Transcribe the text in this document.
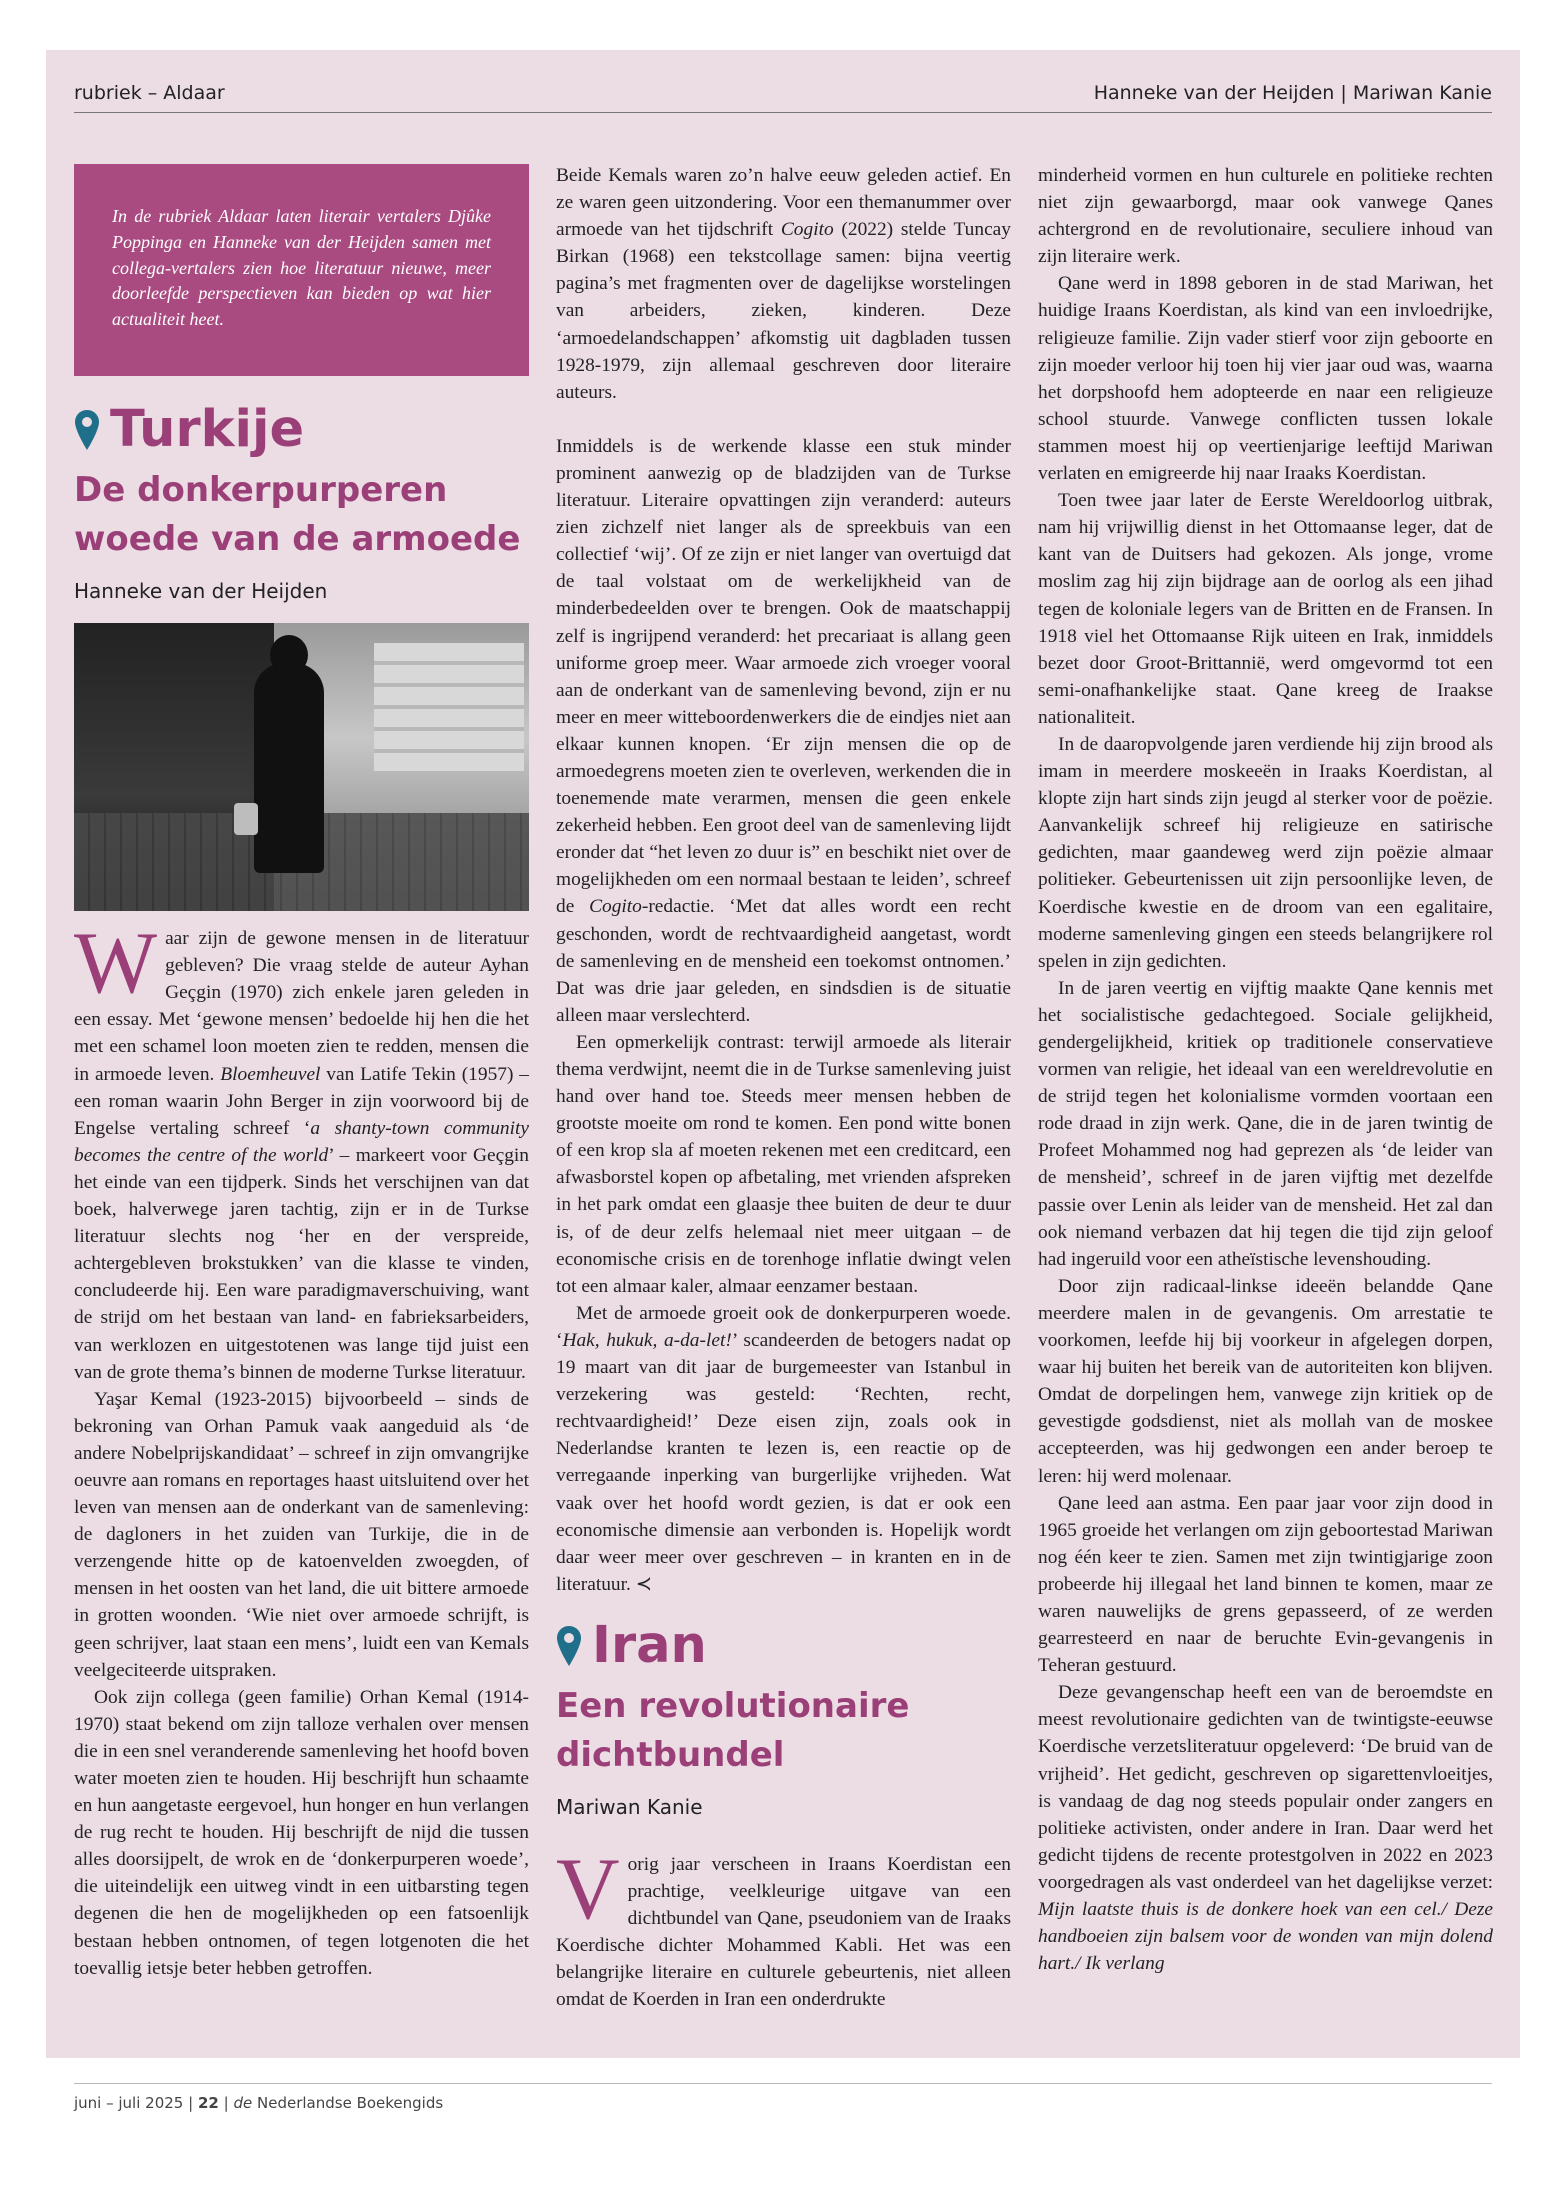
rubriek – Aldaar	Hanneke van der Heijden | Mariwan Kanie
In de rubriek Aldaar laten literair vertalers Djûke Poppinga en Hanneke van der Heijden samen met collega-vertalers zien hoe literatuur nieuwe, meer doorleefde perspectieven kan bieden op wat hier actualiteit heet.
Turkije
De donkerpurperen
woede van de armoede
Hanneke van der Heijden

Waar zijn de gewone mensen in de literatuur gebleven? Die vraag stelde de auteur Ayhan Geçgin (1970) zich enkele jaren geleden in een essay. Met ‘gewone mensen’ bedoelde hij hen die het met een schamel loon moeten zien te redden, mensen die in armoede leven. Bloemheuvel van Latife Tekin (1957) – een roman waarin John Berger in zijn voorwoord bij de Engelse vertaling schreef ‘a shanty-town community becomes the centre of the world’ – markeert voor Geçgin het einde van een tijdperk. Sinds het verschijnen van dat boek, halverwege jaren tachtig, zijn er in de Turkse literatuur slechts nog ‘her en der verspreide, achtergebleven brokstukken’ van die klasse te vinden, concludeerde hij. Een ware paradigmaverschuiving, want de strijd om het bestaan van land- en fabrieksarbeiders, van werklozen en uitgestotenen was lange tijd juist een van de grote thema’s binnen de moderne Turkse literatuur.

Yaşar Kemal (1923-2015) bijvoorbeeld – sinds de bekroning van Orhan Pamuk vaak aangeduid als ‘de andere Nobelprijskandidaat’ – schreef in zijn omvangrijke oeuvre aan romans en reportages haast uitsluitend over het leven van mensen aan de onderkant van de samenleving: de dagloners in het zuiden van Turkije, die in de verzengende hitte op de katoenvelden zwoegden, of mensen in het oosten van het land, die uit bittere armoede in grotten woonden. ‘Wie niet over armoede schrijft, is geen schrijver, laat staan een mens’, luidt een van Kemals veelgeciteerde uitspraken.

Ook zijn collega (geen familie) Orhan Kemal (1914-1970) staat bekend om zijn talloze verhalen over mensen die in een snel veranderende samenleving het hoofd boven water moeten zien te houden. Hij beschrijft hun schaamte en hun aangetaste eergevoel, hun honger en hun verlangen de rug recht te houden. Hij beschrijft de nijd die tussen alles doorsijpelt, de wrok en de ‘donkerpurperen woede’, die uiteindelijk een uitweg vindt in een uitbarsting tegen degenen die hen de mogelijkheden op een fatsoenlijk bestaan hebben ontnomen, of tegen lotgenoten die het toevallig ietsje beter hebben getroffen.

Beide Kemals waren zo’n halve eeuw geleden actief. En ze waren geen uitzondering. Voor een themanummer over armoede van het tijdschrift Cogito (2022) stelde Tuncay Birkan (1968) een tekstcollage samen: bijna veertig pagina’s met fragmenten over de dagelijkse worstelingen van arbeiders, zieken, kinderen. Deze ‘armoedelandschappen’ afkomstig uit dagbladen tussen 1928-1979, zijn allemaal geschreven door literaire auteurs.

Inmiddels is de werkende klasse een stuk minder prominent aanwezig op de bladzijden van de Turkse literatuur. Literaire opvattingen zijn veranderd: auteurs zien zichzelf niet langer als de spreekbuis van een collectief ‘wij’. Of ze zijn er niet langer van overtuigd dat de taal volstaat om de werkelijkheid van de minderbedeelden over te brengen. Ook de maatschappij zelf is ingrijpend veranderd: het precariaat is allang geen uniforme groep meer. Waar armoede zich vroeger vooral aan de onderkant van de samenleving bevond, zijn er nu meer en meer witteboordenwerkers die de eindjes niet aan elkaar kunnen knopen. ‘Er zijn mensen die op de armoedegrens moeten zien te overleven, werkenden die in toenemende mate verarmen, mensen die geen enkele zekerheid hebben. Een groot deel van de samenleving lijdt eronder dat “het leven zo duur is” en beschikt niet over de mogelijkheden om een normaal bestaan te leiden’, schreef de Cogito-redactie. ‘Met dat alles wordt een recht geschonden, wordt de rechtvaardigheid aangetast, wordt de samenleving en de mensheid een toekomst ontnomen.’ Dat was drie jaar geleden, en sindsdien is de situatie alleen maar verslechterd.

Een opmerkelijk contrast: terwijl armoede als literair thema verdwijnt, neemt die in de Turkse samenleving juist hand over hand toe. Steeds meer mensen hebben de grootste moeite om rond te komen. Een pond witte bonen of een krop sla af moeten rekenen met een creditcard, een afwasborstel kopen op afbetaling, met vrienden afspreken in het park omdat een glaasje thee buiten de deur te duur is, of de deur zelfs helemaal niet meer uitgaan – de economische crisis en de torenhoge inflatie dwingt velen tot een almaar kaler, almaar eenzamer bestaan.

Met de armoede groeit ook de donkerpurperen woede. ‘Hak, hukuk, a-da-let!’ scandeerden de betogers nadat op 19 maart van dit jaar de burgemeester van Istanbul in verzekering was gesteld: ‘Rechten, recht, rechtvaardigheid!’ Deze eisen zijn, zoals ook in Nederlandse kranten te lezen is, een reactie op de verregaande inperking van burgerlijke vrijheden. Wat vaak over het hoofd wordt gezien, is dat er ook een economische dimensie aan verbonden is. Hopelijk wordt daar weer meer over geschreven – in kranten en in de literatuur. ≺

Iran
Een revolutionaire
dichtbundel
Mariwan Kanie

Vorig jaar verscheen in Iraans Koerdistan een prachtige, veelkleurige uitgave van een dichtbundel van Qane, pseudoniem van de Iraaks Koerdische dichter Mohammed Kabli. Het was een belangrijke literaire en culturele gebeurtenis, niet alleen omdat de Koerden in Iran een onderdrukte

minderheid vormen en hun culturele en politieke rechten niet zijn gewaarborgd, maar ook vanwege Qanes achtergrond en de revolutionaire, seculiere inhoud van zijn literaire werk.

Qane werd in 1898 geboren in de stad Mariwan, het huidige Iraans Koerdistan, als kind van een invloedrijke, religieuze familie. Zijn vader stierf voor zijn geboorte en zijn moeder verloor hij toen hij vier jaar oud was, waarna het dorpshoofd hem adopteerde en naar een religieuze school stuurde. Vanwege conflicten tussen lokale stammen moest hij op veertienjarige leeftijd Mariwan verlaten en emigreerde hij naar Iraaks Koerdistan.

Toen twee jaar later de Eerste Wereldoorlog uitbrak, nam hij vrijwillig dienst in het Ottomaanse leger, dat de kant van de Duitsers had gekozen. Als jonge, vrome moslim zag hij zijn bijdrage aan de oorlog als een jihad tegen de koloniale legers van de Britten en de Fransen. In 1918 viel het Ottomaanse Rijk uiteen en Irak, inmiddels bezet door Groot-Brittannië, werd omgevormd tot een semi-onafhankelijke staat. Qane kreeg de Iraakse nationaliteit.

In de daaropvolgende jaren verdiende hij zijn brood als imam in meerdere moskeeën in Iraaks Koerdistan, al klopte zijn hart sinds zijn jeugd al sterker voor de poëzie. Aanvankelijk schreef hij religieuze en satirische gedichten, maar gaandeweg werd zijn poëzie almaar politieker. Gebeurtenissen uit zijn persoonlijke leven, de Koerdische kwestie en de droom van een egalitaire, moderne samenleving gingen een steeds belangrijkere rol spelen in zijn gedichten.

In de jaren veertig en vijftig maakte Qane kennis met het socialistische gedachtegoed. Sociale gelijkheid, gendergelijkheid, kritiek op traditionele conservatieve vormen van religie, het ideaal van een wereldrevolutie en de strijd tegen het kolonialisme vormden voortaan een rode draad in zijn werk. Qane, die in de jaren twintig de Profeet Mohammed nog had geprezen als ‘de leider van de mensheid’, schreef in de jaren vijftig met dezelfde passie over Lenin als leider van de mensheid. Het zal dan ook niemand verbazen dat hij tegen die tijd zijn geloof had ingeruild voor een atheïstische levenshouding.

Door zijn radicaal-linkse ideeën belandde Qane meerdere malen in de gevangenis. Om arrestatie te voorkomen, leefde hij bij voorkeur in afgelegen dorpen, waar hij buiten het bereik van de autoriteiten kon blijven. Omdat de dorpelingen hem, vanwege zijn kritiek op de gevestigde godsdienst, niet als mollah van de moskee accepteerden, was hij gedwongen een ander beroep te leren: hij werd molenaar.

Qane leed aan astma. Een paar jaar voor zijn dood in 1965 groeide het verlangen om zijn geboortestad Mariwan nog één keer te zien. Samen met zijn twintigjarige zoon probeerde hij illegaal het land binnen te komen, maar ze waren nauwelijks de grens gepasseerd, of ze werden gearresteerd en naar de beruchte Evin-gevangenis in Teheran gestuurd.

Deze gevangenschap heeft een van de beroemdste en meest revolutionaire gedichten van de twintigste-eeuwse Koerdische verzetsliteratuur opgeleverd: ‘De bruid van de vrijheid’. Het gedicht, geschreven op sigarettenvloeitjes, is vandaag de dag nog steeds populair onder zangers en politieke activisten, onder andere in Iran. Daar werd het gedicht tijdens de recente protestgolven in 2022 en 2023 voorgedragen als vast onderdeel van het dagelijkse verzet: Mijn laatste thuis is de donkere hoek van een cel./ Deze handboeien zijn balsem voor de wonden van mijn dolend hart./ Ik verlang

juni – juli 2025 | 22 | de Nederlandse Boekengids
